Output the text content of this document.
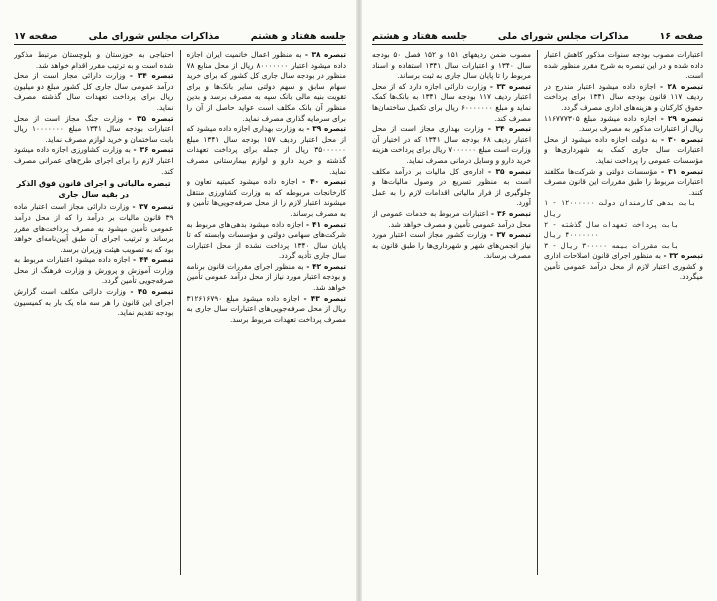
جلسه هفتاد و هشتم
مذاکرات مجلس شورای ملی
صفحه ۱۷

تبصره ۳۸ - به منظور اعمال خاتمیت ایران اجازه داده میشود اعتبار ۸۰۰۰۰۰۰۰ ریال از محل منابع ۷۸ منظور در بودجه سال جاری کل کشور که برای خرید سهام سابق و سهم دولتی سایر بانک‌ها و برای تقویت بنیه مالی بانک سپه به مصرف برسد و بدین منظور آن بانک مکلف است عواید حاصل از آن را برای سرمایه گذاری مصرف نماید.

تبصره ۳۹ - به وزارت بهداری اجازه داده میشود که از محل اعتبار ردیف ۱۵۷ بودجه سال ۱۳۴۱ مبلغ ۳۵۰۰۰۰۰۰ ریال از جمله برای پرداخت تعهدات گذشته و خرید دارو و لوازم بیمارستانی مصرف نماید.

تبصره ۴۰ - اجازه داده میشود کمیتیه تعاون و کارخانجات مربوطه که به وزارت کشاورزی منتقل میشوند اعتبار لازم را از محل صرفه‌جویی‌ها تأمین و به مصرف برساند.

تبصره ۴۱ - اجازه داده میشود بدهی‌های مربوط به شرکت‌های سهامی دولتی و مؤسسات وابسته که تا پایان سال ۱۳۴۰ پرداخت نشده از محل اعتبارات سال جاری تأدیه گردد.

تبصره ۴۲ - به منظور اجرای مقررات قانون برنامه و بودجه اعتبار مورد نیاز از محل درآمد عمومی تأمین خواهد شد.

تبصره ۴۳ - اجازه داده میشود مبلغ ۳۱۲۶۱۶۷۹۰ ریال از محل صرفه‌جویی‌های اعتبارات سال جاری به مصرف پرداخت تعهدات مربوط برسد.

احتیاجی به خوزستان و بلوچستان مرتبط مذکور شده است و به ترتیب مقرر اقدام خواهد شد.

تبصره ۳۴ - وزارت دارائی مجاز است از محل درآمد عمومی سال جاری کل کشور مبلغ دو میلیون ریال برای پرداخت تعهدات سال گذشته مصرف نماید.

تبصره ۳۵ - وزارت جنگ مجاز است از محل اعتبارات بودجه سال ۱۳۴۱ مبلغ ۱۰۰۰۰۰۰۰ ریال بابت ساختمان و خرید لوازم مصرف نماید.

تبصره ۳۶ - به وزارت کشاورزی اجازه داده میشود اعتبار لازم را برای اجرای طرح‌های عمرانی مصرف کند.

تبصره مالیاتی و اجرای قانون فوق الذکر در بقیه سال جاری

تبصره ۳۷ - وزارت دارائی مجاز است اعتبار ماده ۳۹ قانون مالیات بر درآمد را که از محل درآمد عمومی تأمین میشود به مصرف پرداخت‌های مقرر برساند و ترتیب اجرای آن طبق آیین‌نامه‌ای خواهد بود که به تصویب هیئت وزیران برسد.

تبصره ۴۴ - اجازه داده میشود اعتبارات مربوط به وزارت آموزش و پرورش و وزارت فرهنگ از محل صرفه‌جویی تأمین گردد.

تبصره ۴۵ - وزارت دارائی مکلف است گزارش اجرای این قانون را هر سه ماه یک بار به کمیسیون بودجه تقدیم نماید.

صفحه ۱۶
مذاکرات مجلس شورای ملی
جلسه هفتاد و هشتم

اعتبارات مصوب بودجه سنوات مذکور کاهش اعتبار داده شده و در این تبصره به شرح مقرر منظور شده است.

تبصره ۲۸ - اجازه داده میشود اعتبار مندرج در ردیف ۱۱۷ قانون بودجه سال ۱۳۴۱ برای پرداخت حقوق کارکنان و هزینه‌های اداری مصرف گردد.

تبصره ۲۹ - اجازه داده میشود مبلغ ۱۱۶۷۷۷۳۰۵ ریال از اعتبارات مذکور به مصرف برسد.

تبصره ۳۰ - به دولت اجازه داده میشود از محل اعتبارات سال جاری کمک به شهرداری‌ها و مؤسسات عمومی را پرداخت نماید.

تبصره ۳۱ - مؤسسات دولتی و شرکت‌ها مکلفند اعتبارات مربوط را طبق مقررات این قانون مصرف کنند.

۱ - بابت بدهی کارمندان دولت ۱۲۰۰۰۰۰۰ ریال

۲ - بابت پرداخت تعهدات سال گذشته ۴۰۰۰۰۰۰۰ ریال

۳ - بابت مقررات بیمه ۳۰۰۰۰۰ ریال

تبصره ۳۲ - به منظور اجرای قانون اصلاحات اداری و کشوری اعتبار لازم از محل درآمد عمومی تأمین میگردد.

مصوب ضمن ردیفهای ۱۵۱ و ۱۵۲ فصل ۵۰ بودجه سال ۱۳۴۰ و اعتبارات سال ۱۳۴۱ استفاده و اسناد مربوط را تا پایان سال جاری به ثبت برساند.

تبصره ۳۳ - وزارت دارائی اجازه دارد که از محل اعتبار ردیف ۱۱۷ بودجه سال ۱۳۴۱ به بانک‌ها کمک نماید و مبلغ ۶۰۰۰۰۰۰۰ ریال برای تکمیل ساختمان‌ها مصرف کند.

تبصره ۳۴ - وزارت بهداری مجاز است از محل اعتبار ردیف ۶۸ بودجه سال ۱۳۴۱ که در اختیار آن وزارت است مبلغ ۷۰۰۰۰۰۰ ریال برای پرداخت هزینه خرید دارو و وسایل درمانی مصرف نماید.

تبصره ۳۵ - اداره‌ی کل مالیات بر درآمد مکلف است به منظور تسریع در وصول مالیات‌ها و جلوگیری از فرار مالیاتی اقدامات لازم را به عمل آورد.

تبصره ۳۶ - اعتبارات مربوط به خدمات عمومی از محل درآمد عمومی تأمین و مصرف خواهد شد.

تبصره ۳۷ - وزارت کشور مجاز است اعتبار مورد نیاز انجمن‌های شهر و شهرداری‌ها را طبق قانون به مصرف برساند.
